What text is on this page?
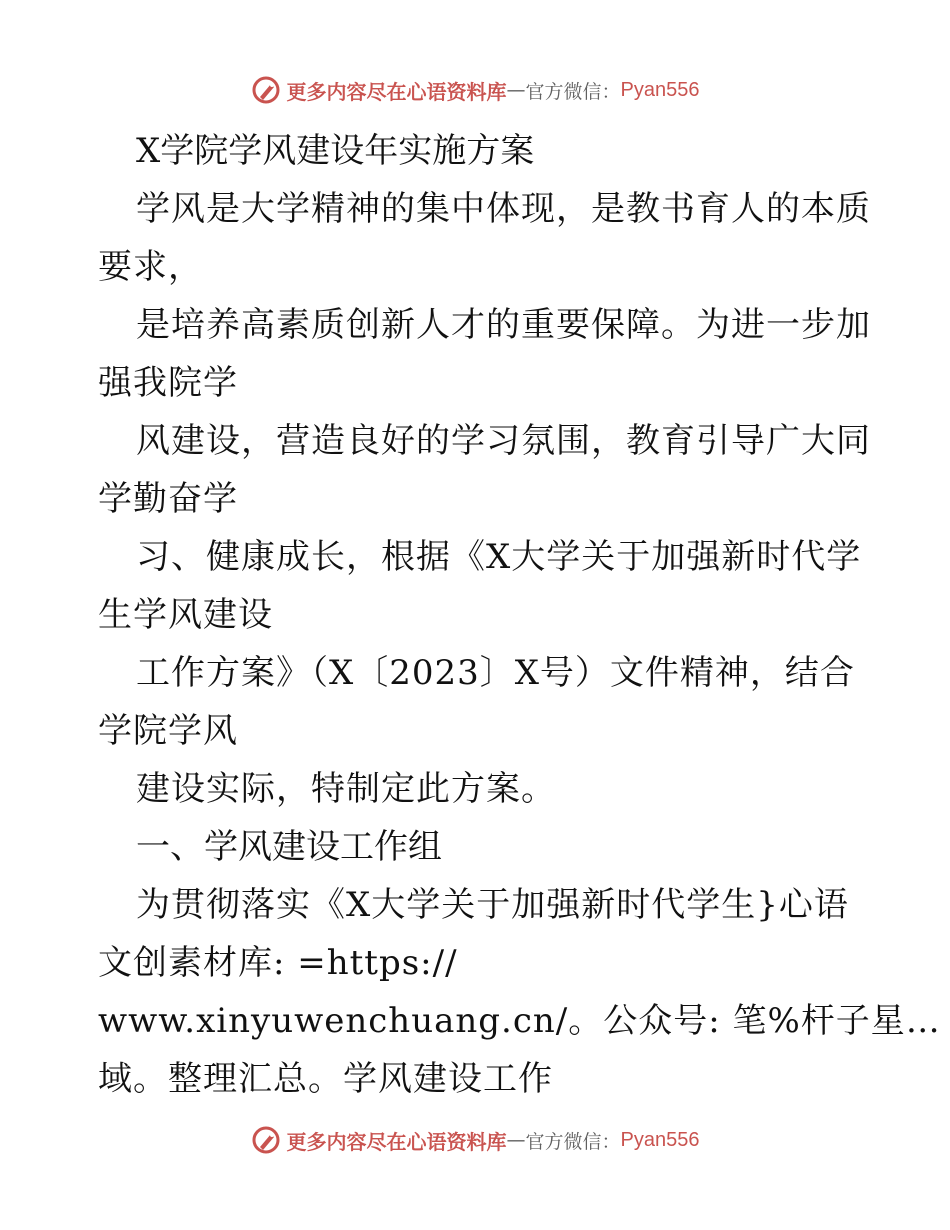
更多内容尽在心语资料库 — 官方微信： Pyan556
X学院学风建设年实施方案
学风是大学精神的集中体现，是教书育人的本质
要求，
是培养高素质创新人才的重要保障。为进一步加
强我院学
风建设，营造良好的学习氛围，教育引导广大同
学勤奋学
习、健康成长，根据《X大学关于加强新时代学
生学风建设
工作方案》（X〔2023〕X号）文件精神，结合
学院学风
建设实际，特制定此方案。
一、学风建设工作组
为贯彻落实《X大学关于加强新时代学生}心语
文创素材库: =https://
www.xinyuwenchuang.cn/。公众号: 笔%杆子星…
域。整理汇总。学风建设工作
更多内容尽在心语资料库 — 官方微信： Pyan556
